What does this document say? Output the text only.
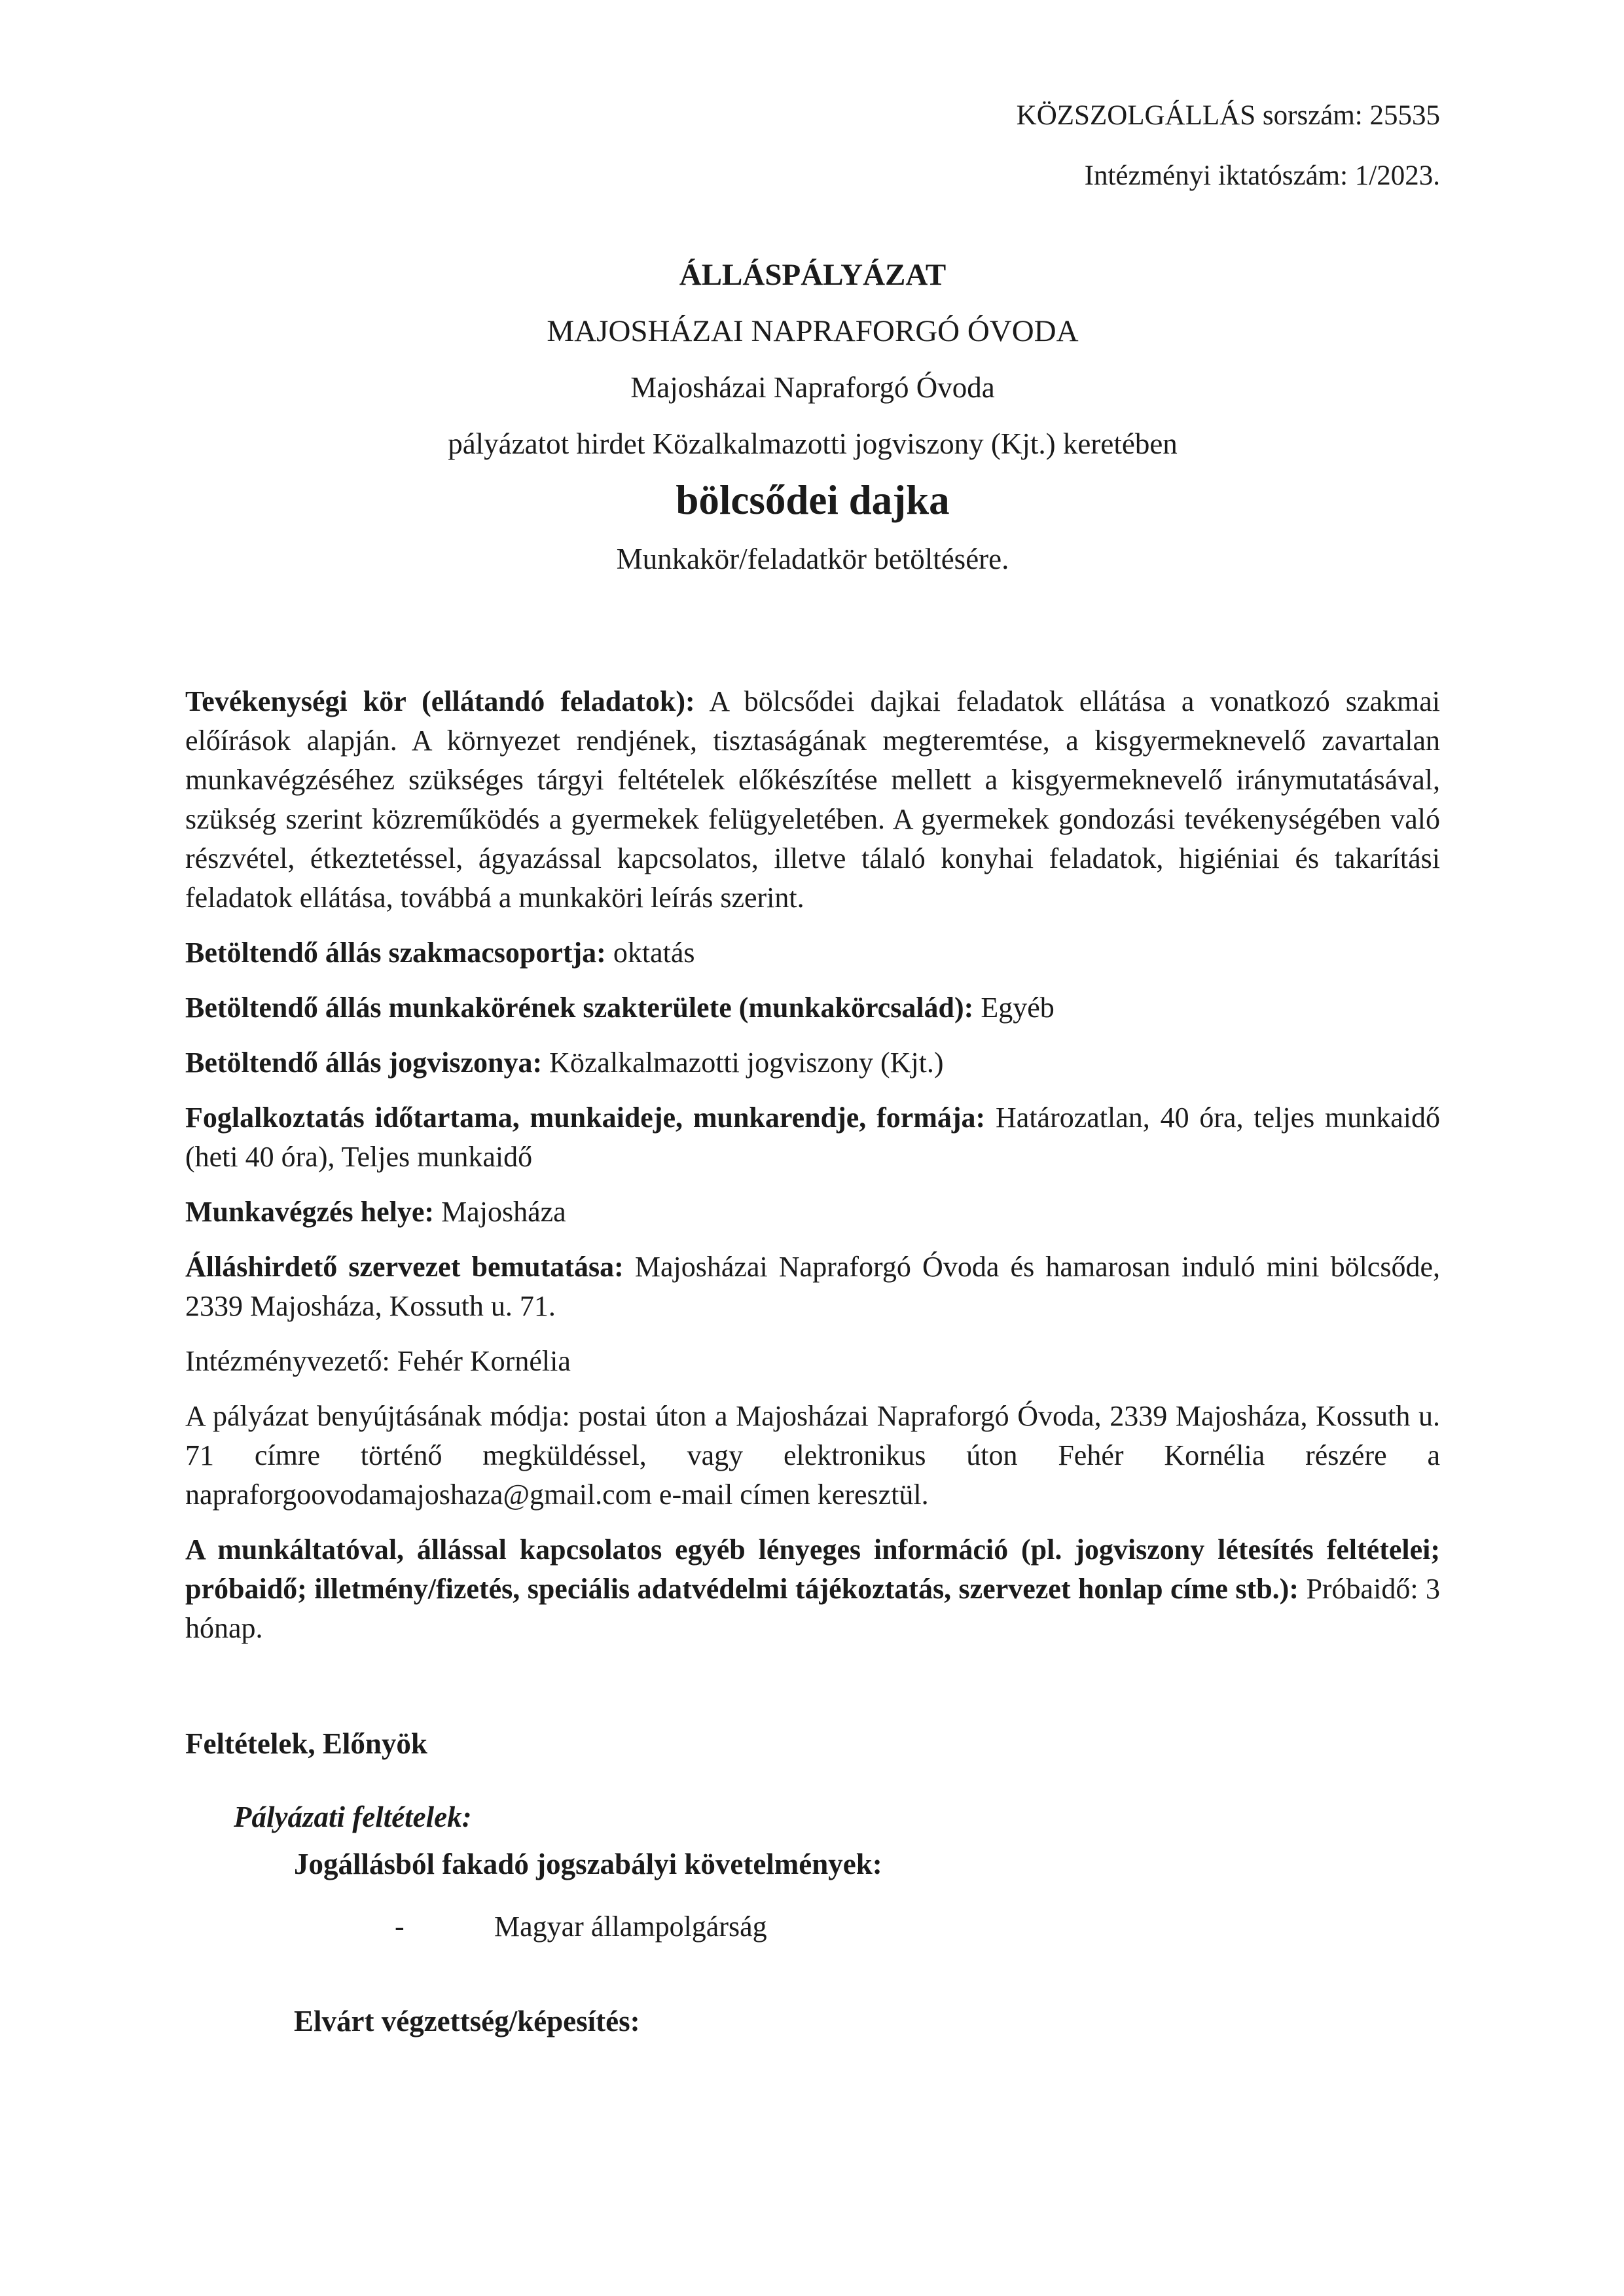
KÖZSZOLGÁLLÁS sorszám: 25535
Intézményi iktatószám: 1/2023.
ÁLLÁSPÁLYÁZAT
MAJOSHÁZAI NAPRAFORGÓ ÓVODA
Majosházai Napraforgó Óvoda
pályázatot hirdet Közalkalmazotti jogviszony (Kjt.) keretében
bölcsődei dajka
Munkakör/feladatkör betöltésére.

Tevékenységi kör (ellátandó feladatok): A bölcsődei dajkai feladatok ellátása a vonatkozó szakmai előírások alapján. A környezet rendjének, tisztaságának megteremtése, a kisgyermeknevelő zavartalan munkavégzéséhez szükséges tárgyi feltételek előkészítése mellett a kisgyermeknevelő iránymutatásával, szükség szerint közreműködés a gyermekek felügyeletében. A gyermekek gondozási tevékenységében való részvétel, étkeztetéssel, ágyazással kapcsolatos, illetve tálaló konyhai feladatok, higiéniai és takarítási feladatok ellátása, továbbá a munkaköri leírás szerint.

Betöltendő állás szakmacsoportja: oktatás

Betöltendő állás munkakörének szakterülete (munkakörcsalád): Egyéb

Betöltendő állás jogviszonya: Közalkalmazotti jogviszony (Kjt.)

Foglalkoztatás időtartama, munkaideje, munkarendje, formája: Határozatlan, 40 óra, teljes munkaidő (heti 40 óra), Teljes munkaidő

Munkavégzés helye: Majosháza

Álláshirdető szervezet bemutatása: Majosházai Napraforgó Óvoda és hamarosan induló mini bölcsőde, 2339 Majosháza, Kossuth u. 71.

Intézményvezető: Fehér Kornélia

A pályázat benyújtásának módja: postai úton a Majosházai Napraforgó Óvoda, 2339 Majosháza, Kossuth u. 71 címre történő megküldéssel, vagy elektronikus úton Fehér Kornélia részére a napraforgoovodamajoshaza@gmail.com e-mail címen keresztül.

A munkáltatóval, állással kapcsolatos egyéb lényeges információ (pl. jogviszony létesítés feltételei; próbaidő; illetmény/fizetés, speciális adatvédelmi tájékoztatás, szervezet honlap címe stb.): Próbaidő: 3 hónap.

Feltételek, Előnyök
Pályázati feltételek:
Jogállásból fakadó jogszabályi követelmények:
-	Magyar állampolgárság
Elvárt végzettség/képesítés:
